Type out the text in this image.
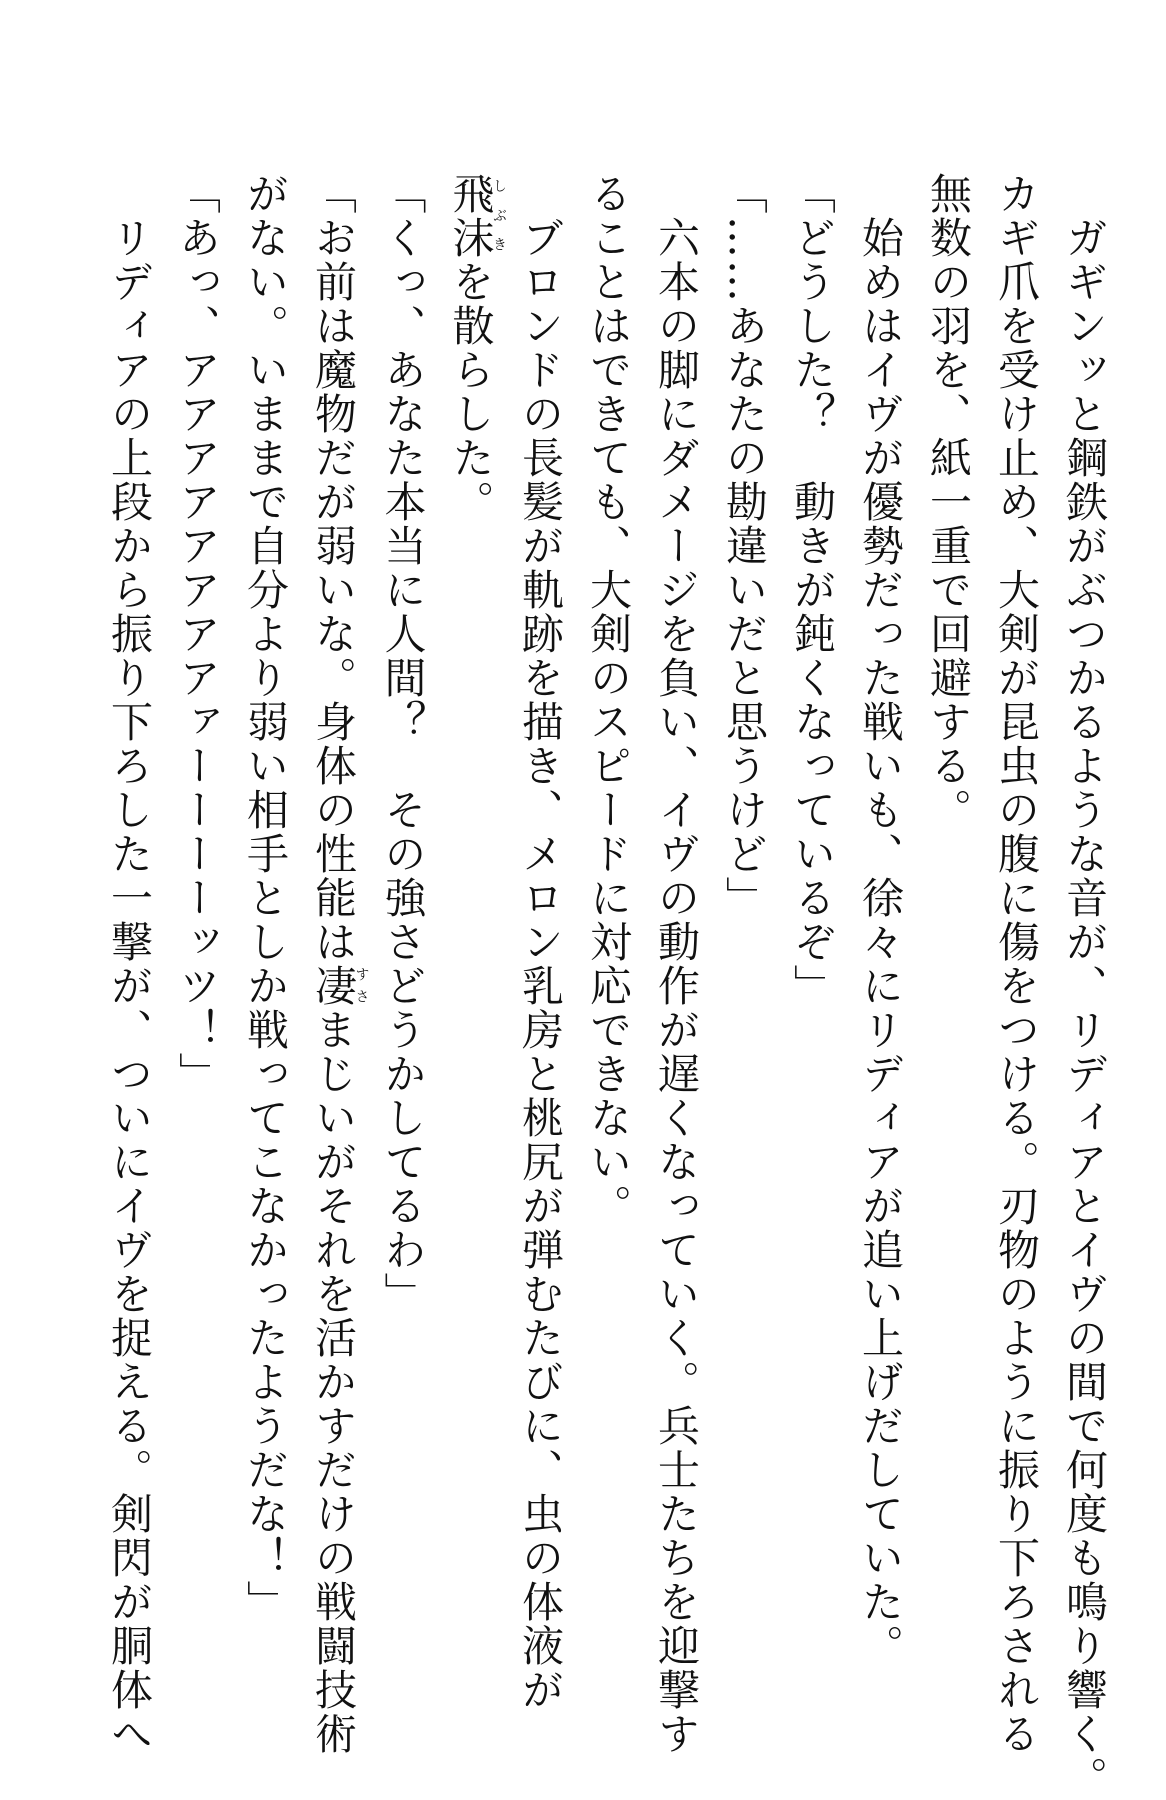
　ガギンッと鋼鉄がぶつかるような音が、リディアとイヴの間で何度も鳴り響く。
カギ爪を受け止め、大剣が昆虫の腹に傷をつける。刃物のように振り下ろされる
無数の羽を、紙一重で回避する。
　始めはイヴが優勢だった戦いも、徐々にリディアが追い上げだしていた。
「どうした？　動きが鈍くなっているぞ」
「……あなたの勘違いだと思うけど」
　六本の脚にダメージを負い、イヴの動作が遅くなっていく。兵士たちを迎撃す
ることはできても、大剣のスピードに対応できない。
　ブロンドの長髪が軌跡を描き、メロン乳房と桃尻が弾むたびに、虫の体液が
飛沫しぶきを散らした。
「くっ、あなた本当に人間？　その強さどうかしてるわ」
「お前は魔物だが弱いな。身体の性能は凄すさまじいがそれを活かすだけの戦闘技術
がない。いままで自分より弱い相手としか戦ってこなかったようだな！」
「あっ、アアアアアアアアァーーーーッツ！」
　リディアの上段から振り下ろした一撃が、ついにイヴを捉える。剣閃が胴体へ
